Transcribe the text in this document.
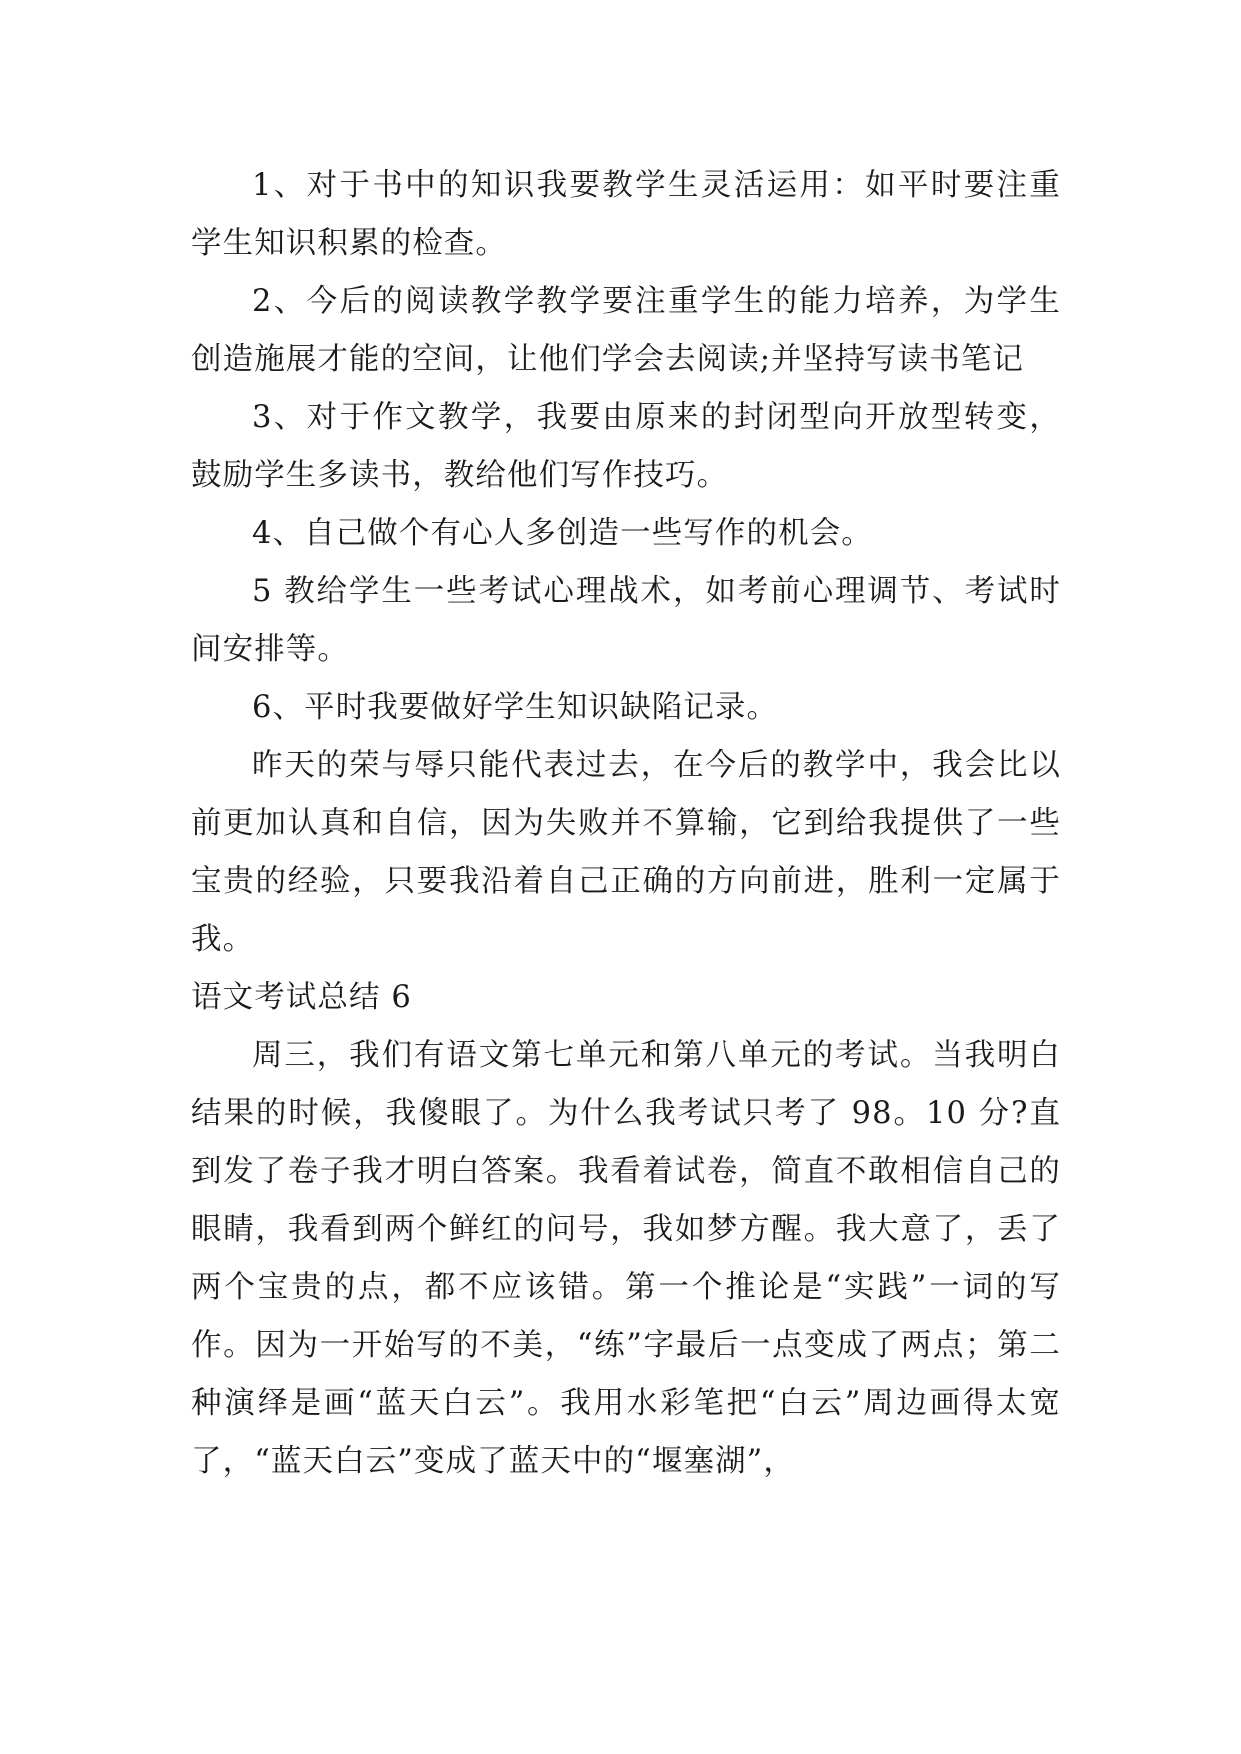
1、对于书中的知识我要教学生灵活运用：如平时要注重学生知识积累的检查。

2、今后的阅读教学教学要注重学生的能力培养，为学生创造施展才能的空间，让他们学会去阅读;并坚持写读书笔记

3、对于作文教学，我要由原来的封闭型向开放型转变，鼓励学生多读书，教给他们写作技巧。

4、自己做个有心人多创造一些写作的机会。

5 教给学生一些考试心理战术，如考前心理调节、考试时间安排等。

6、平时我要做好学生知识缺陷记录。

昨天的荣与辱只能代表过去，在今后的教学中，我会比以前更加认真和自信，因为失败并不算输，它到给我提供了一些宝贵的经验，只要我沿着自己正确的方向前进，胜利一定属于我。

语文考试总结 6

周三，我们有语文第七单元和第八单元的考试。当我明白结果的时候，我傻眼了。为什么我考试只考了 98。10 分?直到发了卷子我才明白答案。我看着试卷，简直不敢相信自己的眼睛，我看到两个鲜红的问号，我如梦方醒。我大意了，丢了两个宝贵的点，都不应该错。第一个推论是“实践”一词的写作。因为一开始写的不美，“练”字最后一点变成了两点；第二种演绎是画“蓝天白云”。我用水彩笔把“白云”周边画得太宽了，“蓝天白云”变成了蓝天中的“堰塞湖”，
